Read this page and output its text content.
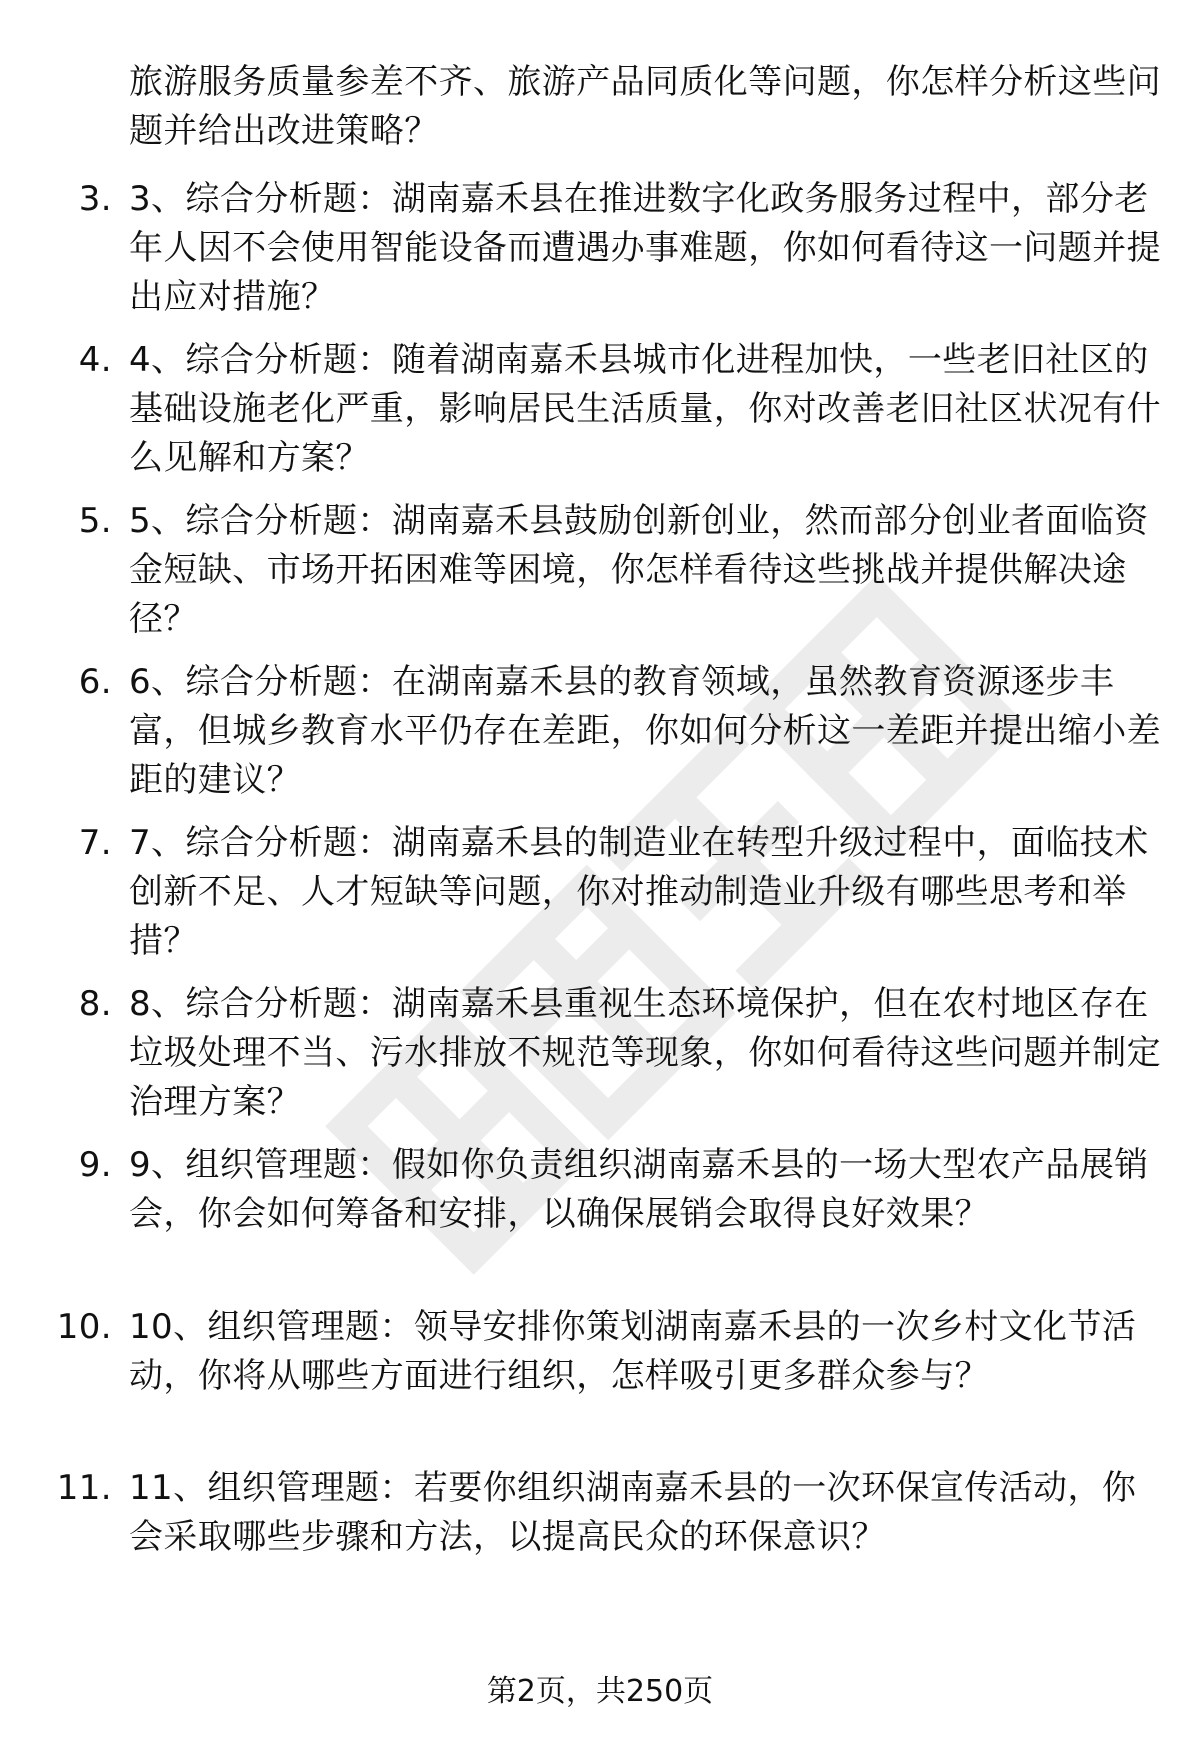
旅游服务质量参差不齐、旅游产品同质化等问题，你怎样分析这些问题并给出改进策略？

3. 3、综合分析题：湖南嘉禾县在推进数字化政务服务过程中，部分老年人因不会使用智能设备而遭遇办事难题，你如何看待这一问题并提出应对措施？
4. 4、综合分析题：随着湖南嘉禾县城市化进程加快，一些老旧社区的基础设施老化严重，影响居民生活质量，你对改善老旧社区状况有什么见解和方案？
5. 5、综合分析题：湖南嘉禾县鼓励创新创业，然而部分创业者面临资金短缺、市场开拓困难等困境，你怎样看待这些挑战并提供解决途径？
6. 6、综合分析题：在湖南嘉禾县的教育领域，虽然教育资源逐步丰富，但城乡教育水平仍存在差距，你如何分析这一差距并提出缩小差距的建议？
7. 7、综合分析题：湖南嘉禾县的制造业在转型升级过程中，面临技术创新不足、人才短缺等问题，你对推动制造业升级有哪些思考和举措？
8. 8、综合分析题：湖南嘉禾县重视生态环境保护，但在农村地区存在垃圾处理不当、污水排放不规范等现象，你如何看待这些问题并制定治理方案？
9. 9、组织管理题：假如你负责组织湖南嘉禾县的一场大型农产品展销会，你会如何筹备和安排，以确保展销会取得良好效果？
10. 10、组织管理题：领导安排你策划湖南嘉禾县的一次乡村文化节活动，你将从哪些方面进行组织，怎样吸引更多群众参与？
11. 11、组织管理题：若要你组织湖南嘉禾县的一次环保宣传活动，你会采取哪些步骤和方法，以提高民众的环保意识？
第2页，共250页
